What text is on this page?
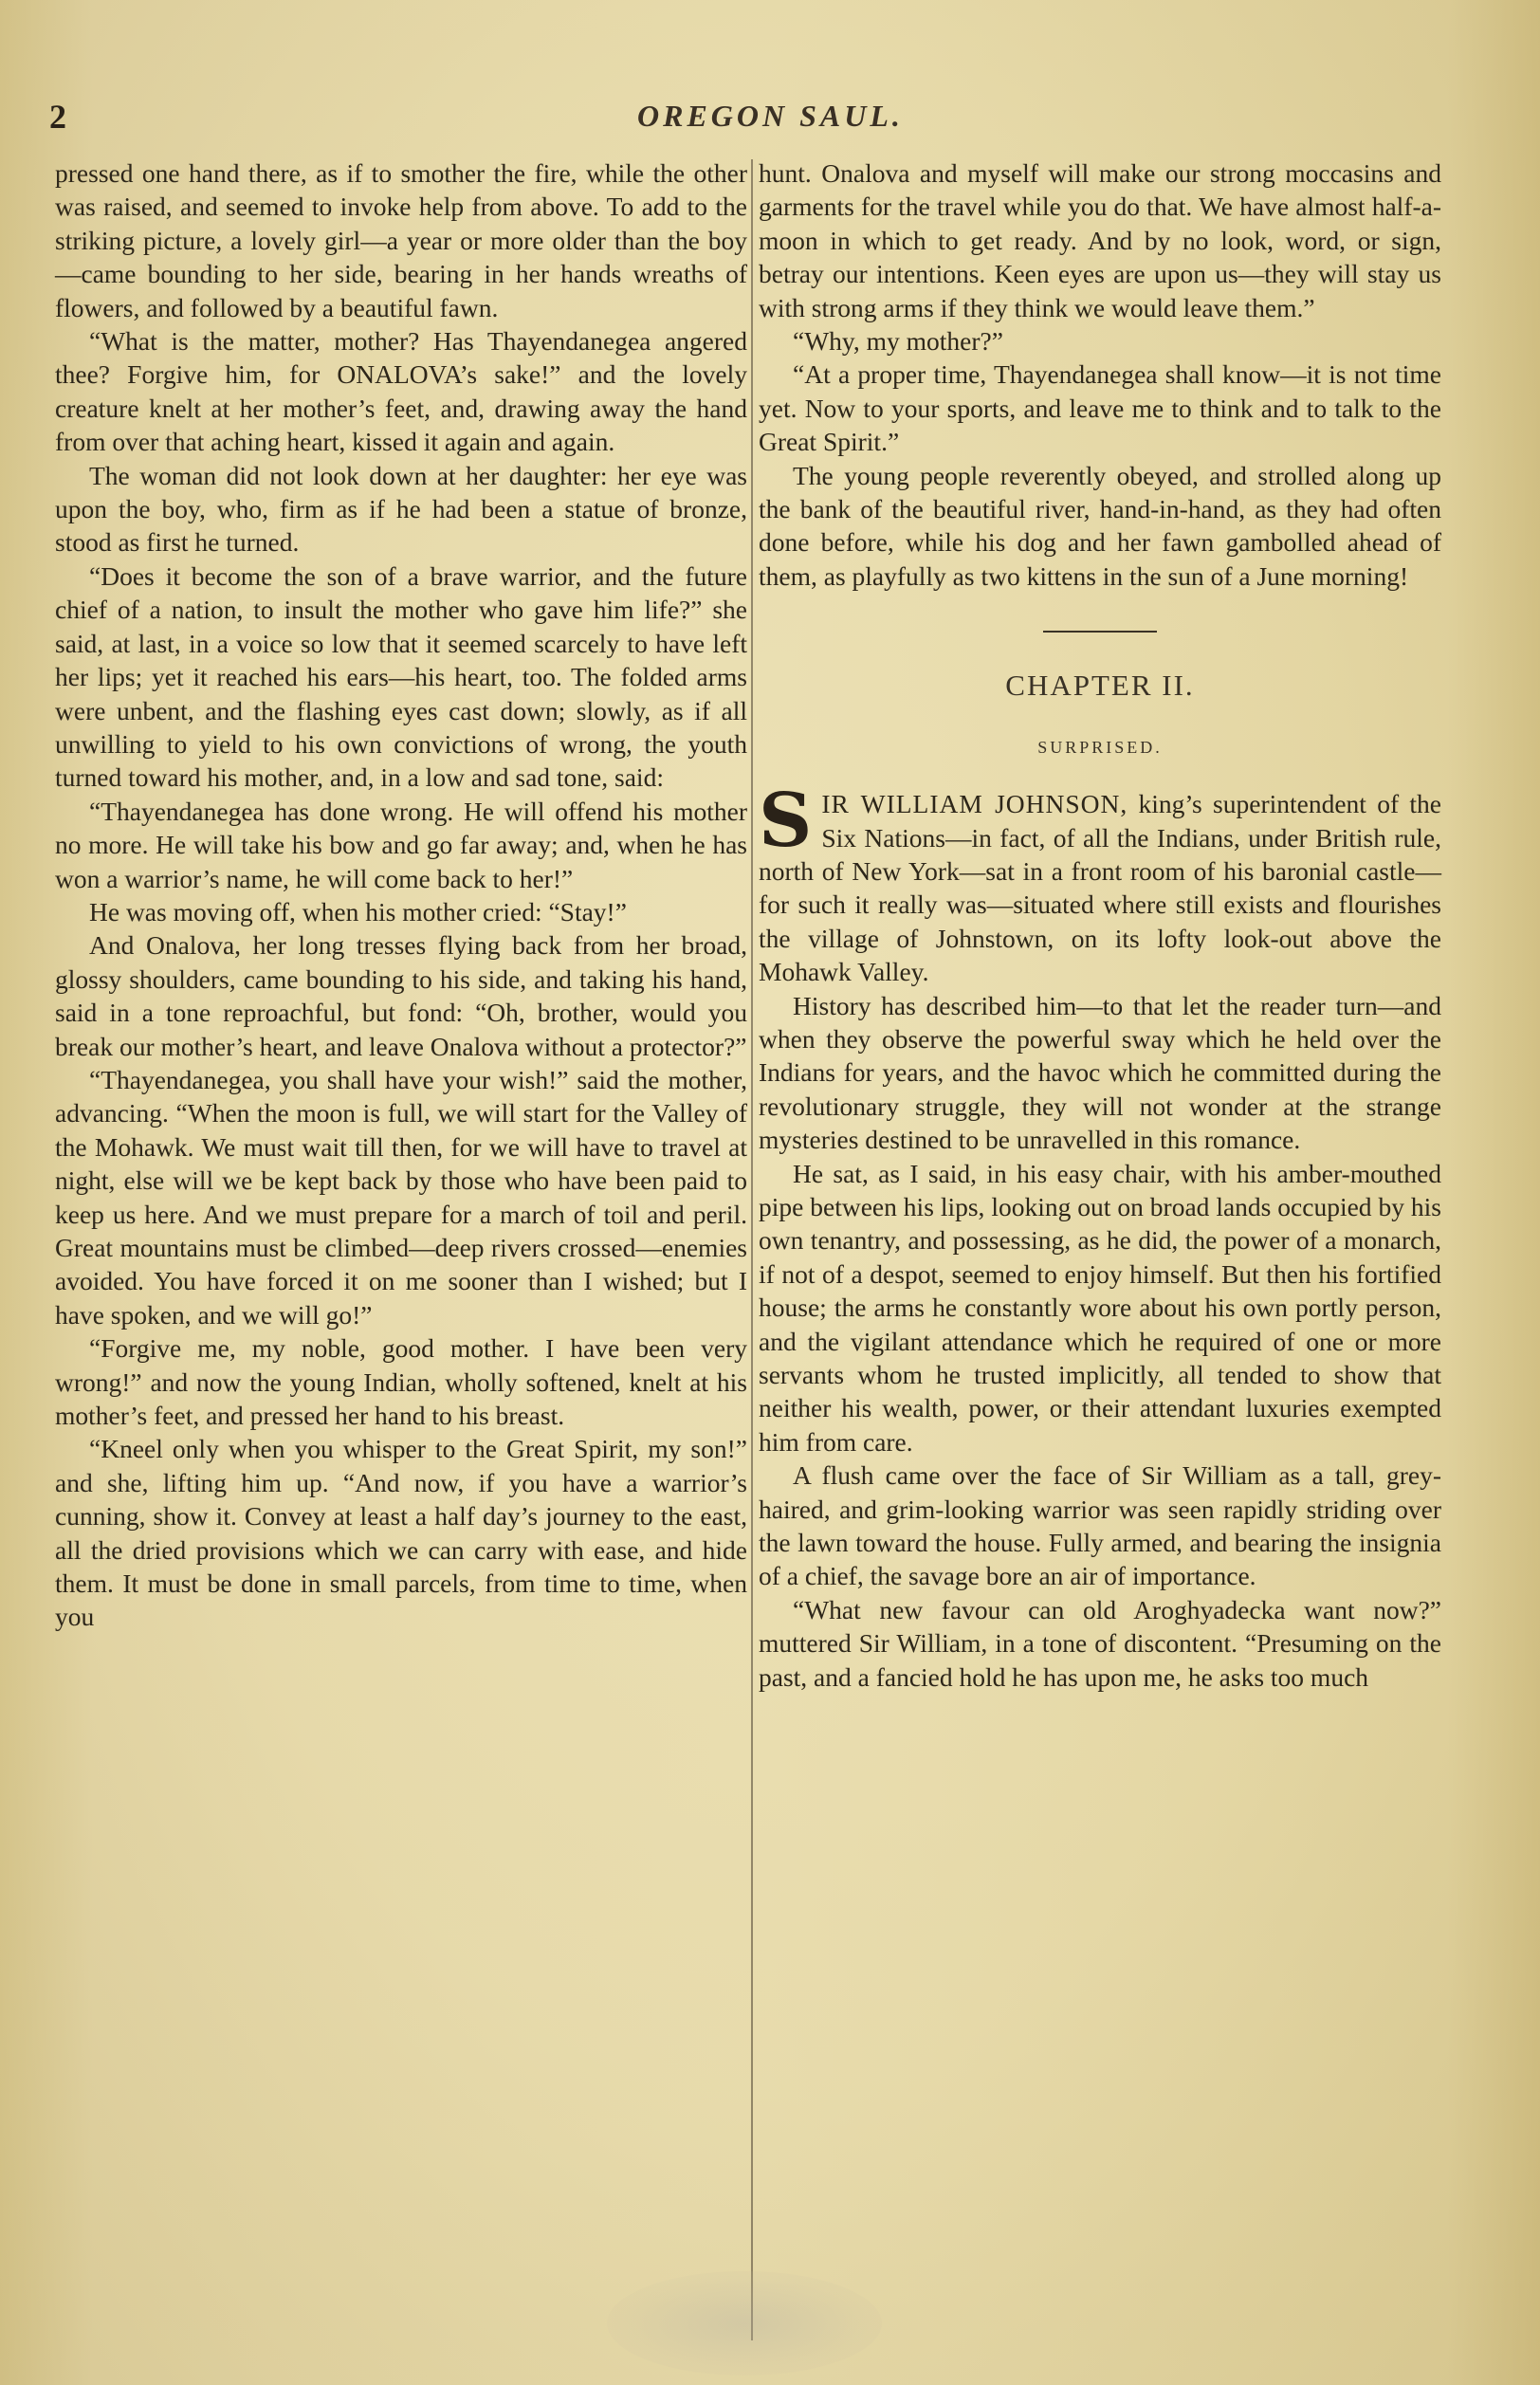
2	OREGON SAUL.

pressed one hand there, as if to smother the fire, while the other was raised, and seemed to invoke help from above. To add to the striking picture, a lovely girl—a year or more older than the boy—came bounding to her side, bearing in her hands wreaths of flowers, and followed by a beautiful fawn.

“What is the matter, mother? Has Thayendanegea angered thee? Forgive him, for ONALOVA’s sake!” and the lovely creature knelt at her mother’s feet, and, drawing away the hand from over that aching heart, kissed it again and again.

The woman did not look down at her daughter: her eye was upon the boy, who, firm as if he had been a statue of bronze, stood as first he turned.

“Does it become the son of a brave warrior, and the future chief of a nation, to insult the mother who gave him life?” she said, at last, in a voice so low that it seemed scarcely to have left her lips; yet it reached his ears—his heart, too. The folded arms were unbent, and the flashing eyes cast down; slowly, as if all unwilling to yield to his own convictions of wrong, the youth turned toward his mother, and, in a low and sad tone, said:

“Thayendanegea has done wrong. He will offend his mother no more. He will take his bow and go far away; and, when he has won a warrior’s name, he will come back to her!”

He was moving off, when his mother cried: “Stay!”

And Onalova, her long tresses flying back from her broad, glossy shoulders, came bounding to his side, and taking his hand, said in a tone reproachful, but fond: “Oh, brother, would you break our mother’s heart, and leave Onalova without a protector?”

“Thayendanegea, you shall have your wish!” said the mother, advancing. “When the moon is full, we will start for the Valley of the Mohawk. We must wait till then, for we will have to travel at night, else will we be kept back by those who have been paid to keep us here. And we must prepare for a march of toil and peril. Great mountains must be climbed—deep rivers crossed—enemies avoided. You have forced it on me sooner than I wished; but I have spoken, and we will go!”

“Forgive me, my noble, good mother. I have been very wrong!” and now the young Indian, wholly softened, knelt at his mother’s feet, and pressed her hand to his breast.

“Kneel only when you whisper to the Great Spirit, my son!” and she, lifting him up. “And now, if you have a warrior’s cunning, show it. Convey at least a half day’s journey to the east, all the dried provisions which we can carry with ease, and hide them. It must be done in small parcels, from time to time, when you

hunt. Onalova and myself will make our strong moccasins and garments for the travel while you do that. We have almost half-a-moon in which to get ready. And by no look, word, or sign, betray our intentions. Keen eyes are upon us—they will stay us with strong arms if they think we would leave them.”

“Why, my mother?”

“At a proper time, Thayendanegea shall know—it is not time yet. Now to your sports, and leave me to think and to talk to the Great Spirit.”

The young people reverently obeyed, and strolled along up the bank of the beautiful river, hand-in-hand, as they had often done before, while his dog and her fawn gambolled ahead of them, as playfully as two kittens in the sun of a June morning!

CHAPTER II.
SURPRISED.

SIR WILLIAM JOHNSON, king’s superintendent of the Six Nations—in fact, of all the Indians, under British rule, north of New York—sat in a front room of his baronial castle—for such it really was—situated where still exists and flourishes the village of Johnstown, on its lofty look-out above the Mohawk Valley.

History has described him—to that let the reader turn—and when they observe the powerful sway which he held over the Indians for years, and the havoc which he committed during the revolutionary struggle, they will not wonder at the strange mysteries destined to be unravelled in this romance.

He sat, as I said, in his easy chair, with his amber-mouthed pipe between his lips, looking out on broad lands occupied by his own tenantry, and possessing, as he did, the power of a monarch, if not of a despot, seemed to enjoy himself. But then his fortified house; the arms he constantly wore about his own portly person, and the vigilant attendance which he required of one or more servants whom he trusted implicitly, all tended to show that neither his wealth, power, or their attendant luxuries exempted him from care.

A flush came over the face of Sir William as a tall, grey-haired, and grim-looking warrior was seen rapidly striding over the lawn toward the house. Fully armed, and bearing the insignia of a chief, the savage bore an air of importance.

“What new favour can old Aroghyadecka want now?” muttered Sir William, in a tone of discontent. “Presuming on the past, and a fancied hold he has upon me, he asks too much
